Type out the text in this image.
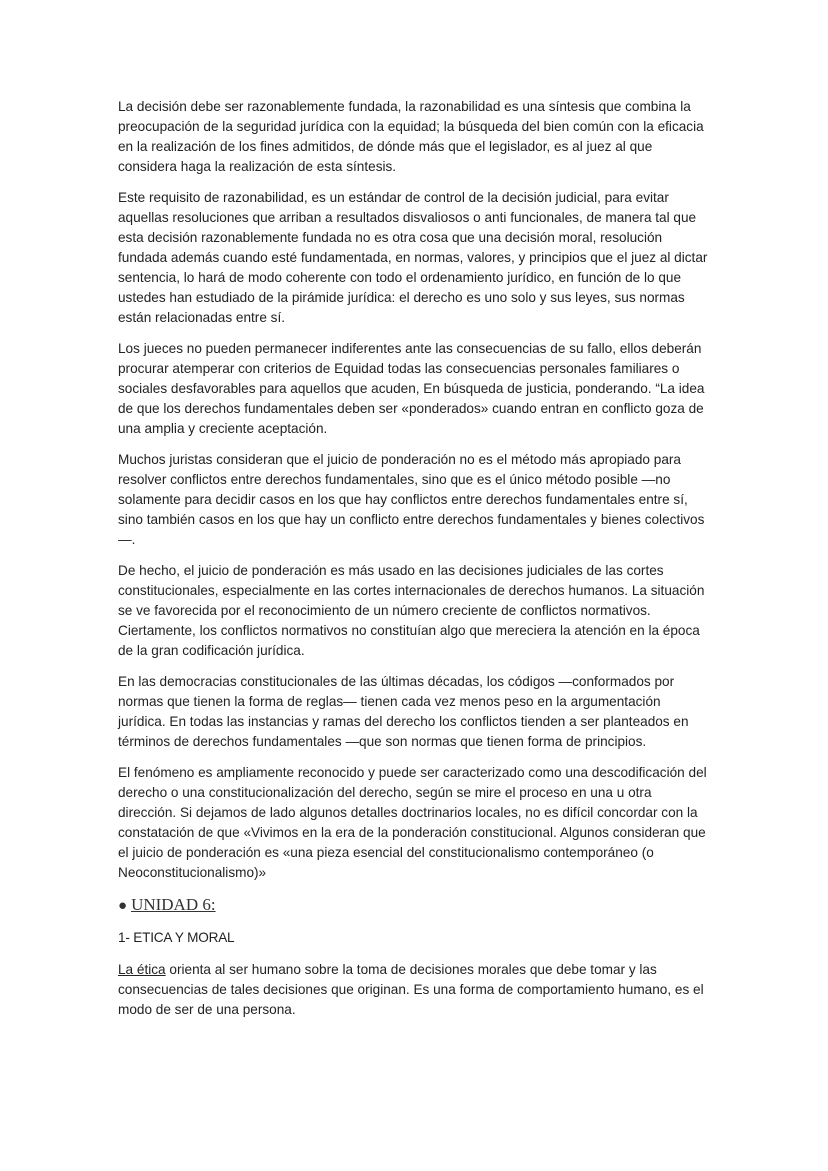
La decisión debe ser razonablemente fundada, la razonabilidad es una síntesis que combina la preocupación de la seguridad jurídica con la equidad; la búsqueda del bien común con la eficacia en la realización de los fines admitidos, de dónde más que el legislador, es al juez al que considera haga la realización de esta síntesis.

Este requisito de razonabilidad, es un estándar de control de la decisión judicial, para evitar aquellas resoluciones que arriban a resultados disvaliosos o anti funcionales, de manera tal que esta decisión razonablemente fundada no es otra cosa que una decisión moral, resolución fundada además cuando esté fundamentada, en normas, valores, y principios que el juez al dictar sentencia, lo hará de modo coherente con todo el ordenamiento jurídico, en función de lo que ustedes han estudiado de la pirámide jurídica: el derecho es uno solo y sus leyes, sus normas están relacionadas entre sí.

Los jueces no pueden permanecer indiferentes ante las consecuencias de su fallo, ellos deberán procurar atemperar con criterios de Equidad todas las consecuencias personales familiares o sociales desfavorables para aquellos que acuden, En búsqueda de justicia, ponderando. “La idea de que los derechos fundamentales deben ser «ponderados» cuando entran en conflicto goza de una amplia y creciente aceptación.

Muchos juristas consideran que el juicio de ponderación no es el método más apropiado para resolver conflictos entre derechos fundamentales, sino que es el único método posible —no solamente para decidir casos en los que hay conflictos entre derechos fundamentales entre sí, sino también casos en los que hay un conflicto entre derechos fundamentales y bienes colectivos—.

De hecho, el juicio de ponderación es más usado en las decisiones judiciales de las cortes constitucionales, especialmente en las cortes internacionales de derechos humanos. La situación se ve favorecida por el reconocimiento de un número creciente de conflictos normativos. Ciertamente, los conflictos normativos no constituían algo que mereciera la atención en la época de la gran codificación jurídica.

En las democracias constitucionales de las últimas décadas, los códigos —conformados por normas que tienen la forma de reglas— tienen cada vez menos peso en la argumentación jurídica. En todas las instancias y ramas del derecho los conflictos tienden a ser planteados en términos de derechos fundamentales —que son normas que tienen forma de principios.

El fenómeno es ampliamente reconocido y puede ser caracterizado como una descodificación del derecho o una constitucionalización del derecho, según se mire el proceso en una u otra dirección. Si dejamos de lado algunos detalles doctrinarios locales, no es difícil concordar con la constatación de que «Vivimos en la era de la ponderación constitucional. Algunos consideran que el juicio de ponderación es «una pieza esencial del constitucionalismo contemporáneo (o Neoconstitucionalismo)»

● UNIDAD 6:
1- ETICA Y MORAL

La ética orienta al ser humano sobre la toma de decisiones morales que debe tomar y las consecuencias de tales decisiones que originan. Es una forma de comportamiento humano, es el modo de ser de una persona.
